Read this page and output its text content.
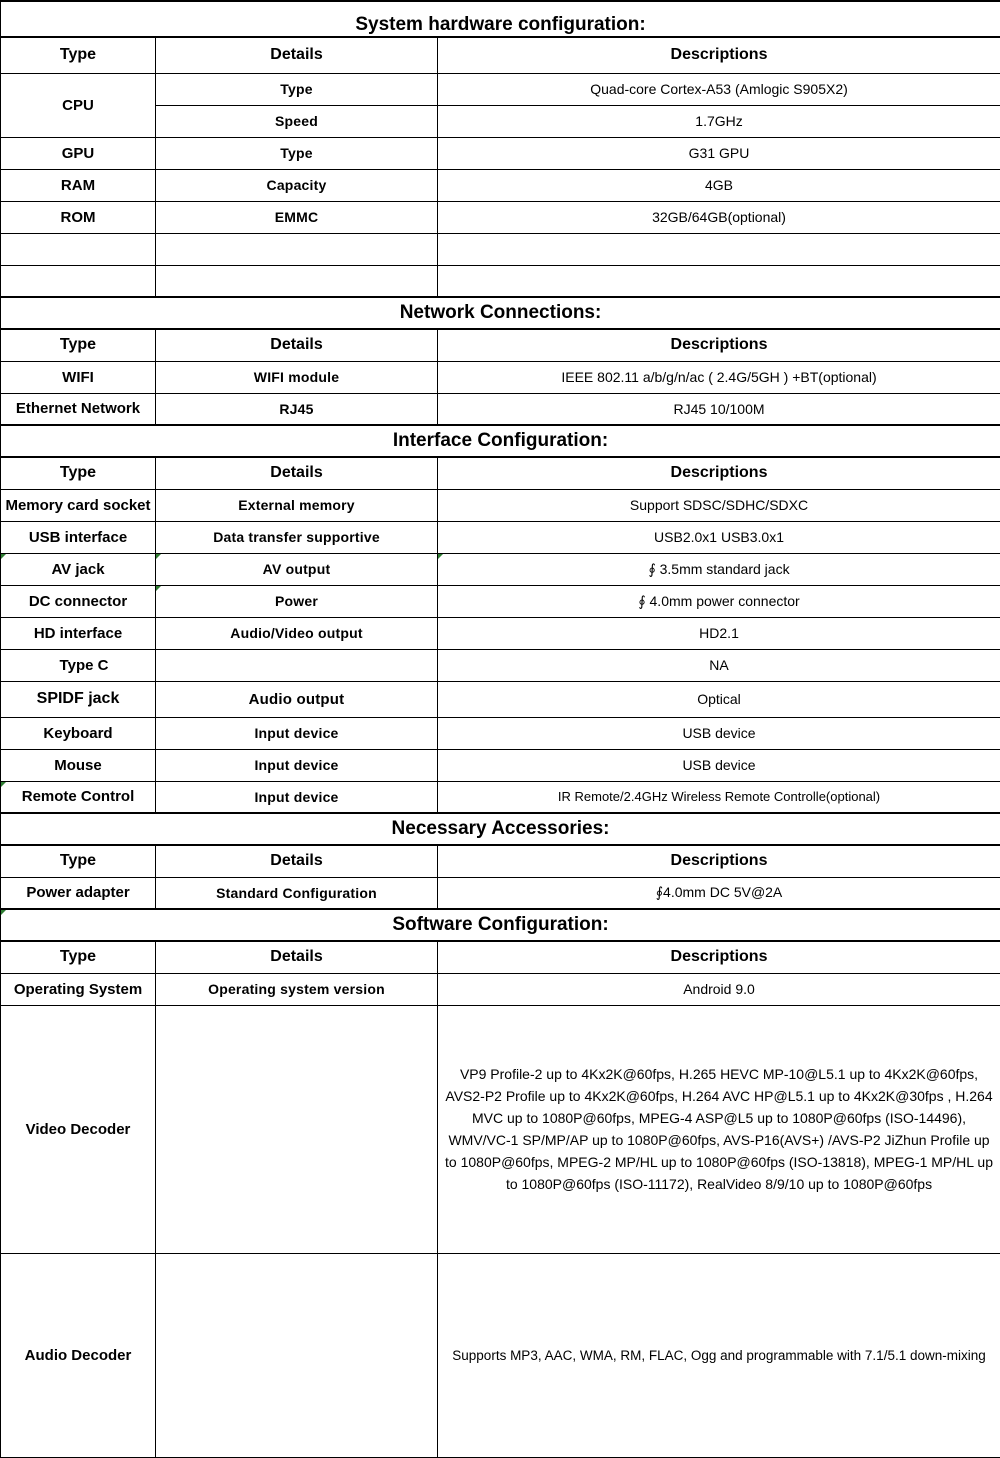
System hardware configuration:		
Type	Details	Descriptions
CPU	Type	Quad-core Cortex-A53 (Amlogic S905X2)
	Speed	1.7GHz
GPU	Type	G31 GPU
RAM	Capacity	4GB
ROM	EMMC	32GB/64GB(optional)

Network Connections:		
Type	Details	Descriptions
WIFI	WIFI module	IEEE 802.11 a/b/g/n/ac ( 2.4G/5GH ) +BT(optional)
Ethernet Network	RJ45	RJ45 10/100M
Interface Configuration:		
Type	Details	Descriptions
Memory card socket	External memory	Support SDSC/SDHC/SDXC
USB interface	Data transfer supportive	USB2.0x1 USB3.0x1
AV jack	AV output	∮ 3.5mm standard jack
DC connector	Power	∮ 4.0mm power connector
HD interface	Audio/Video output	HD2.1
Type C		NA
SPIDF jack	Audio output	Optical
Keyboard	Input device	USB device
Mouse	Input device	USB device
Remote Control	Input device	IR Remote/2.4GHz Wireless Remote Controlle(optional)
Necessary Accessories:		
Type	Details	Descriptions
Power adapter	Standard Configuration	∮4.0mm DC 5V@2A
Software Configuration:		
Type	Details	Descriptions
Operating System	Operating system version	Android 9.0
Video Decoder		VP9 Profile-2 up to 4Kx2K@60fps, H.265 HEVC MP-10@L5.1 up to 4Kx2K@60fps, AVS2-P2 Profile up to 4Kx2K@60fps, H.264 AVC HP@L5.1 up to 4Kx2K@30fps , H.264 MVC up to 1080P@60fps, MPEG-4 ASP@L5 up to 1080P@60fps (ISO-14496), WMV/VC-1 SP/MP/AP up to 1080P@60fps, AVS-P16(AVS+) /AVS-P2 JiZhun Profile up to 1080P@60fps, MPEG-2 MP/HL up to 1080P@60fps (ISO-13818), MPEG-1 MP/HL up to 1080P@60fps (ISO-11172), RealVideo 8/9/10 up to 1080P@60fps
Audio Decoder		Supports MP3, AAC, WMA, RM, FLAC, Ogg and programmable with 7.1/5.1 down-mixing
